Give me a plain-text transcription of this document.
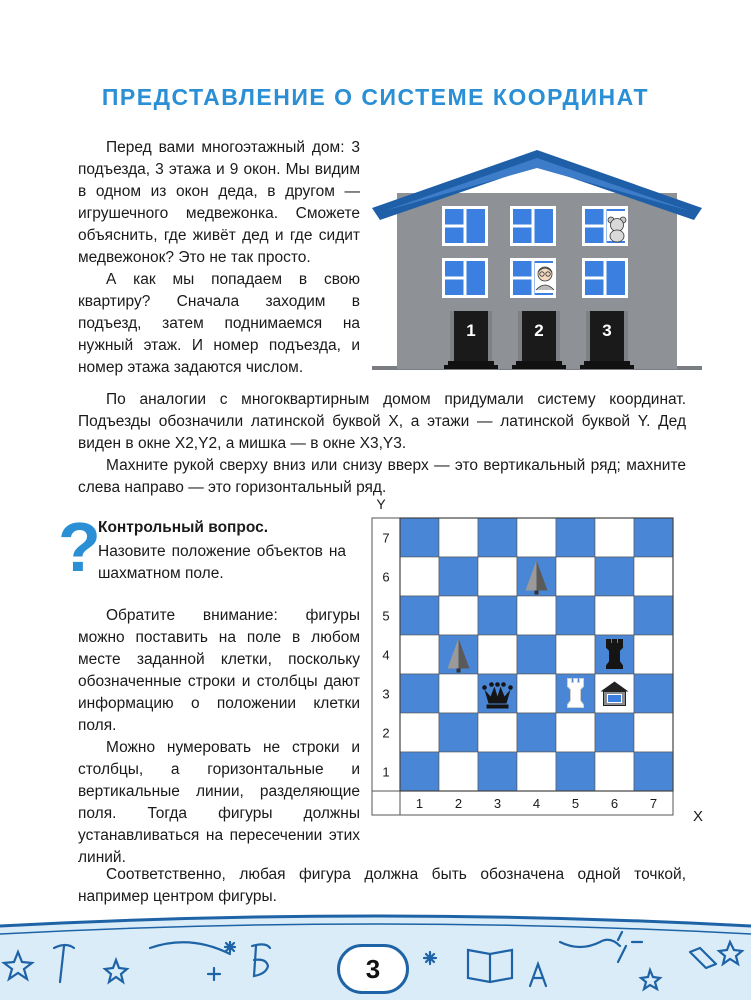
ПРЕДСТАВЛЕНИЕ О СИСТЕМЕ КООРДИНАТ
Перед вами многоэтажный дом: 3 подъезда, 3 этажа и 9 окон. Мы видим в одном из окон деда, в другом — игрушечного медвежонка. Сможете объяснить, где живёт дед и где сидит медвежонок? Это не так просто.
А как мы попадаем в свою квартиру? Сначала заходим в подъезд, затем поднимаемся на нужный этаж. И номер подъезда, и номер этажа задаются числом.
1	2	3
По аналогии с многоквартирным домом придумали систему координат. Подъезды обозначили латинской буквой X, а этажи — латинской буквой Y. Дед виден в окне X2,Y2, а мишка — в окне X3,Y3.
Махните рукой сверху вниз или снизу вверх — это вертикальный ряд; махните слева направо — это горизонтальный ряд.
?
Контрольный вопрос.
Назовите положение объектов на шахматном поле.
Обратите внимание: фигуры можно поставить на поле в любом месте заданной клетки, поскольку обозначенные строки и столбцы дают информацию о положении клетки поля.
Можно нумеровать не строки и столбцы, а горизонтальные и вертикальные линии, разделяющие поля. Тогда фигуры должны устанавливаться на пересечении этих линий.
1
2
3
4
5
6
7
1 2 3 4 5 6 7
Y
X
Соответственно, любая фигура должна быть обозначена одной точкой, например центром фигуры.
3
